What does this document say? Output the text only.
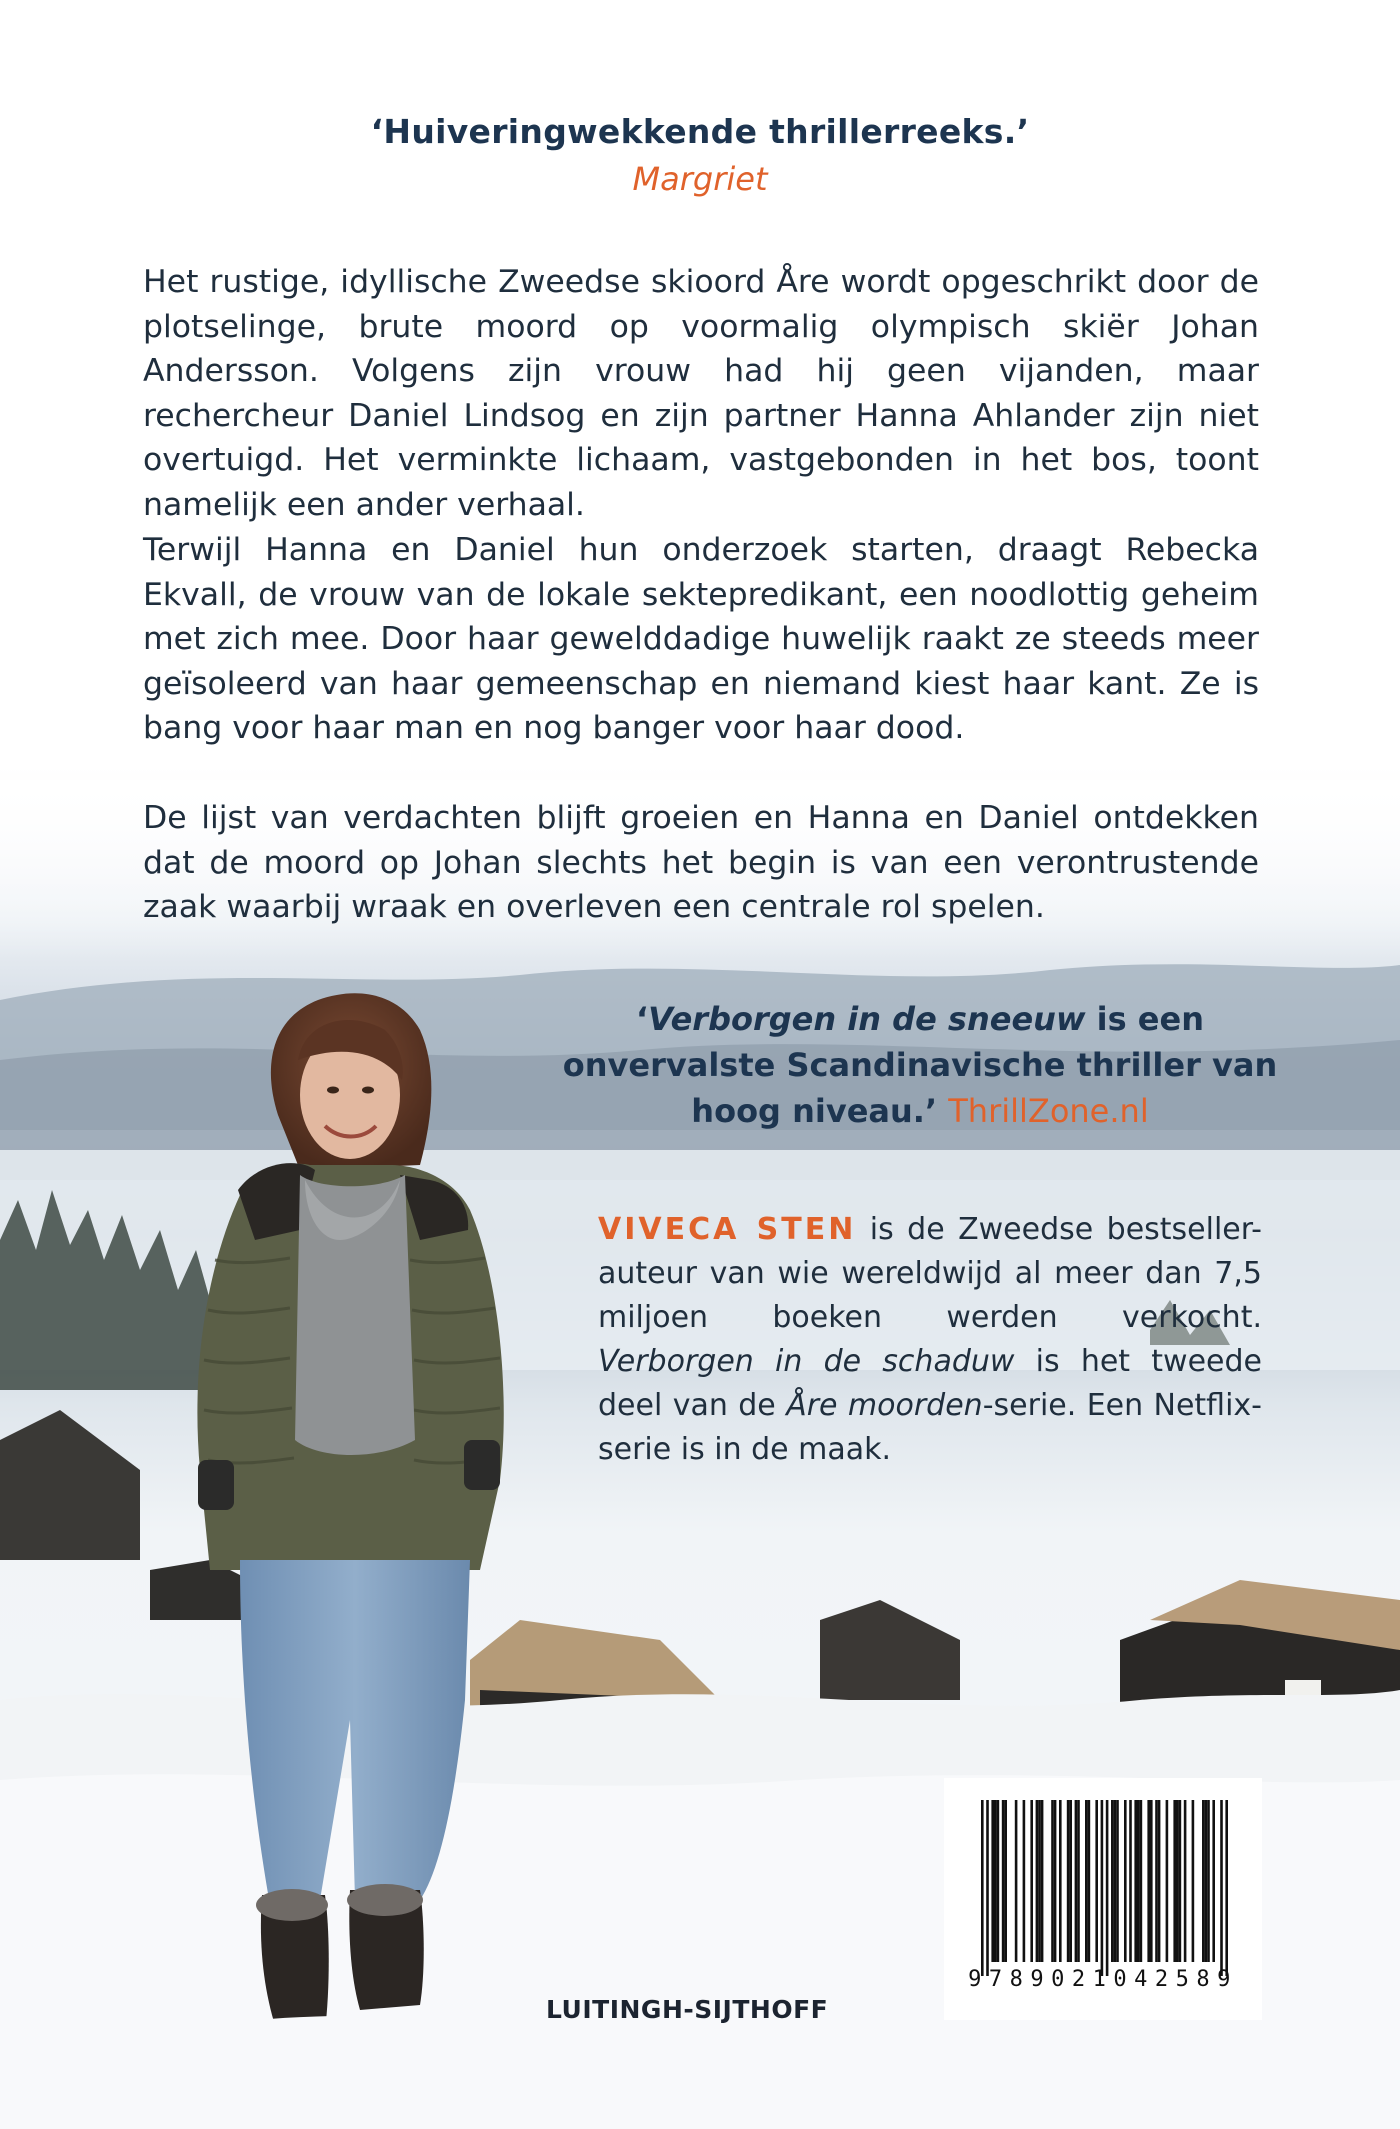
‘Huiveringwekkende thrillerreeks.’
Margriet

Het rustige, idyllische Zweedse skioord Åre wordt opgeschrikt door de plotselinge, brute moord op voormalig olympisch skiër Johan Andersson. Volgens zijn vrouw had hij geen vijanden, maar rechercheur Daniel Lindsog en zijn partner Hanna Ahlander zijn niet overtuigd. Het verminkte lichaam, vastgebonden in het bos, toont namelijk een ander verhaal.

Terwijl Hanna en Daniel hun onderzoek starten, draagt Rebecka Ekvall, de vrouw van de lokale sektepredikant, een noodlottig geheim met zich mee. Door haar gewelddadige huwelijk raakt ze steeds meer geïsoleerd van haar gemeenschap en niemand kiest haar kant. Ze is bang voor haar man en nog banger voor haar dood.

De lijst van verdachten blijft groeien en Hanna en Daniel ontdekken dat de moord op Johan slechts het begin is van een verontrustende zaak waarbij wraak en overleven een centrale rol spelen.

‘Verborgen in de sneeuw is een onvervalste Scandinavische thriller van hoog niveau.’ ThrillZone.nl
VIVECA STEN is de Zweedse bestseller-auteur van wie wereldwijd al meer dan 7,5 miljoen boeken werden verkocht. Verborgen in de schaduw is het tweede deel van de Åre moorden-serie. Een Netflix-serie is in de maak.
9789021042589
LUITINGH-SIJTHOFF
